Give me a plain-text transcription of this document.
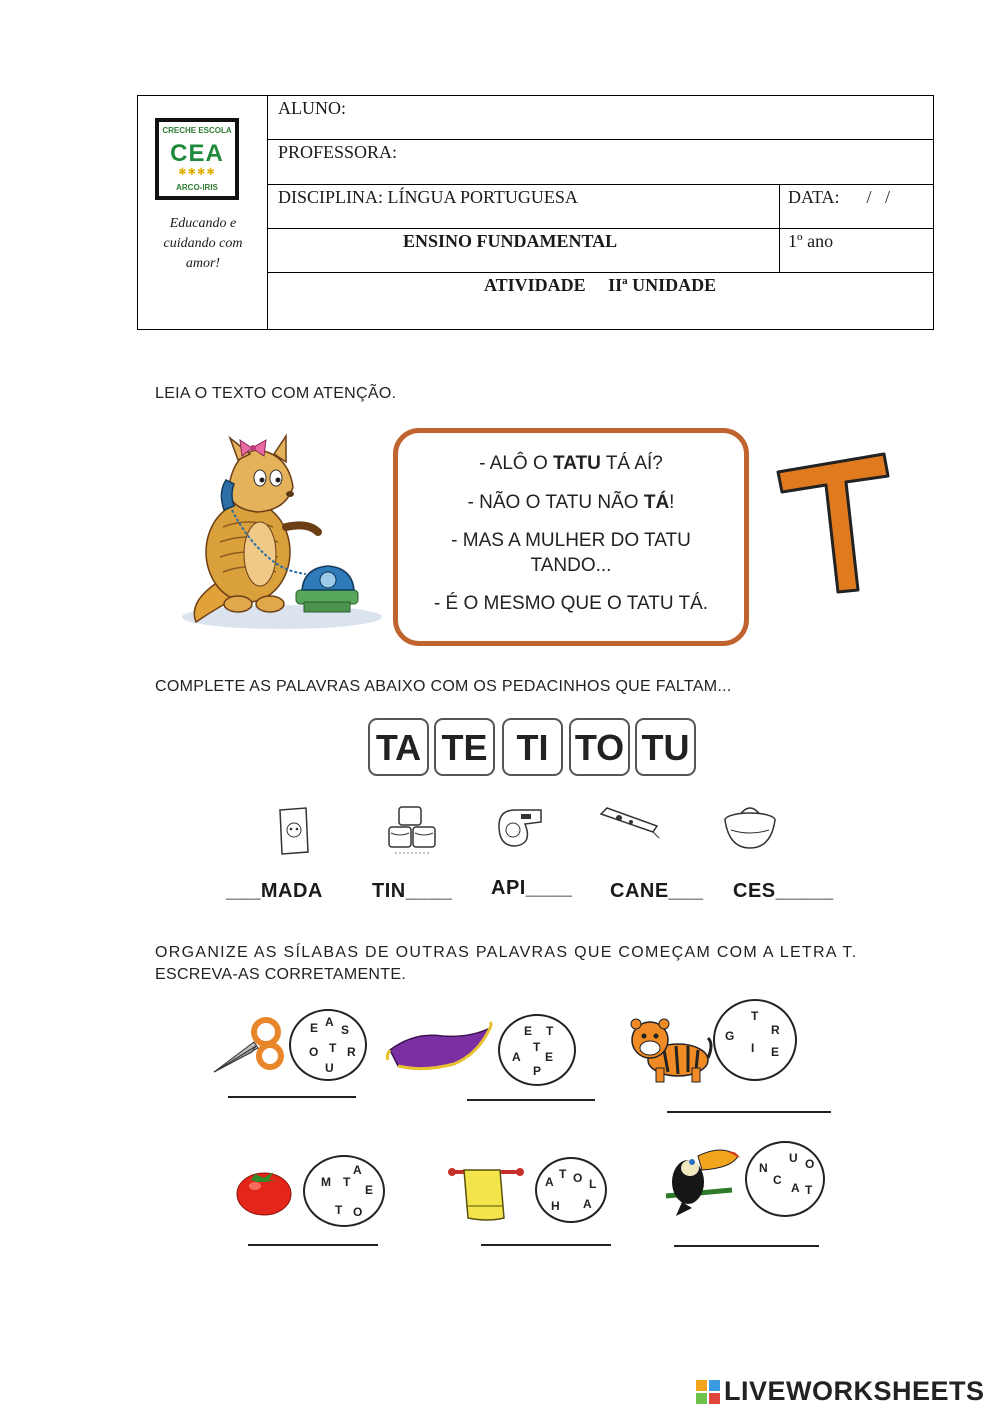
CRECHE ESCOLA
CEA
✱✱✱✱
ARCO-IRIS
Educando e cuidando com amor!
ALUNO:
PROFESSORA:
DISCIPLINA: LÍNGUA PORTUGUESA	DATA:      /   /
ENSINO FUNDAMENTAL	1º ano
ATIVIDADE     IIª UNIDADE
LEIA O TEXTO COM ATENÇÃO.

- ALÔ O TATU TÁ AÍ?

- NÃO O TATU NÃO TÁ!

- MAS A MULHER DO TATU

TANDO...

- É O MESMO QUE O TATU TÁ.

COMPLETE AS PALAVRAS ABAIXO COM OS PEDACINHOS QUE FALTAM...
TA TE TI TO TU
___MADA TIN____ API____ CANE___ CES_____
ORGANIZE AS SÍLABAS DE OUTRAS PALAVRAS QUE COMEÇAM COM A LETRA T.
ESCREVA-AS CORRETAMENTE.
E A
S
O T R
U
E T
T
A E
P
T
G	R
I E
A
M T
E
T O
A
T O L
H A
U
N	O
C
A T
LIVEWORKSHEETS
